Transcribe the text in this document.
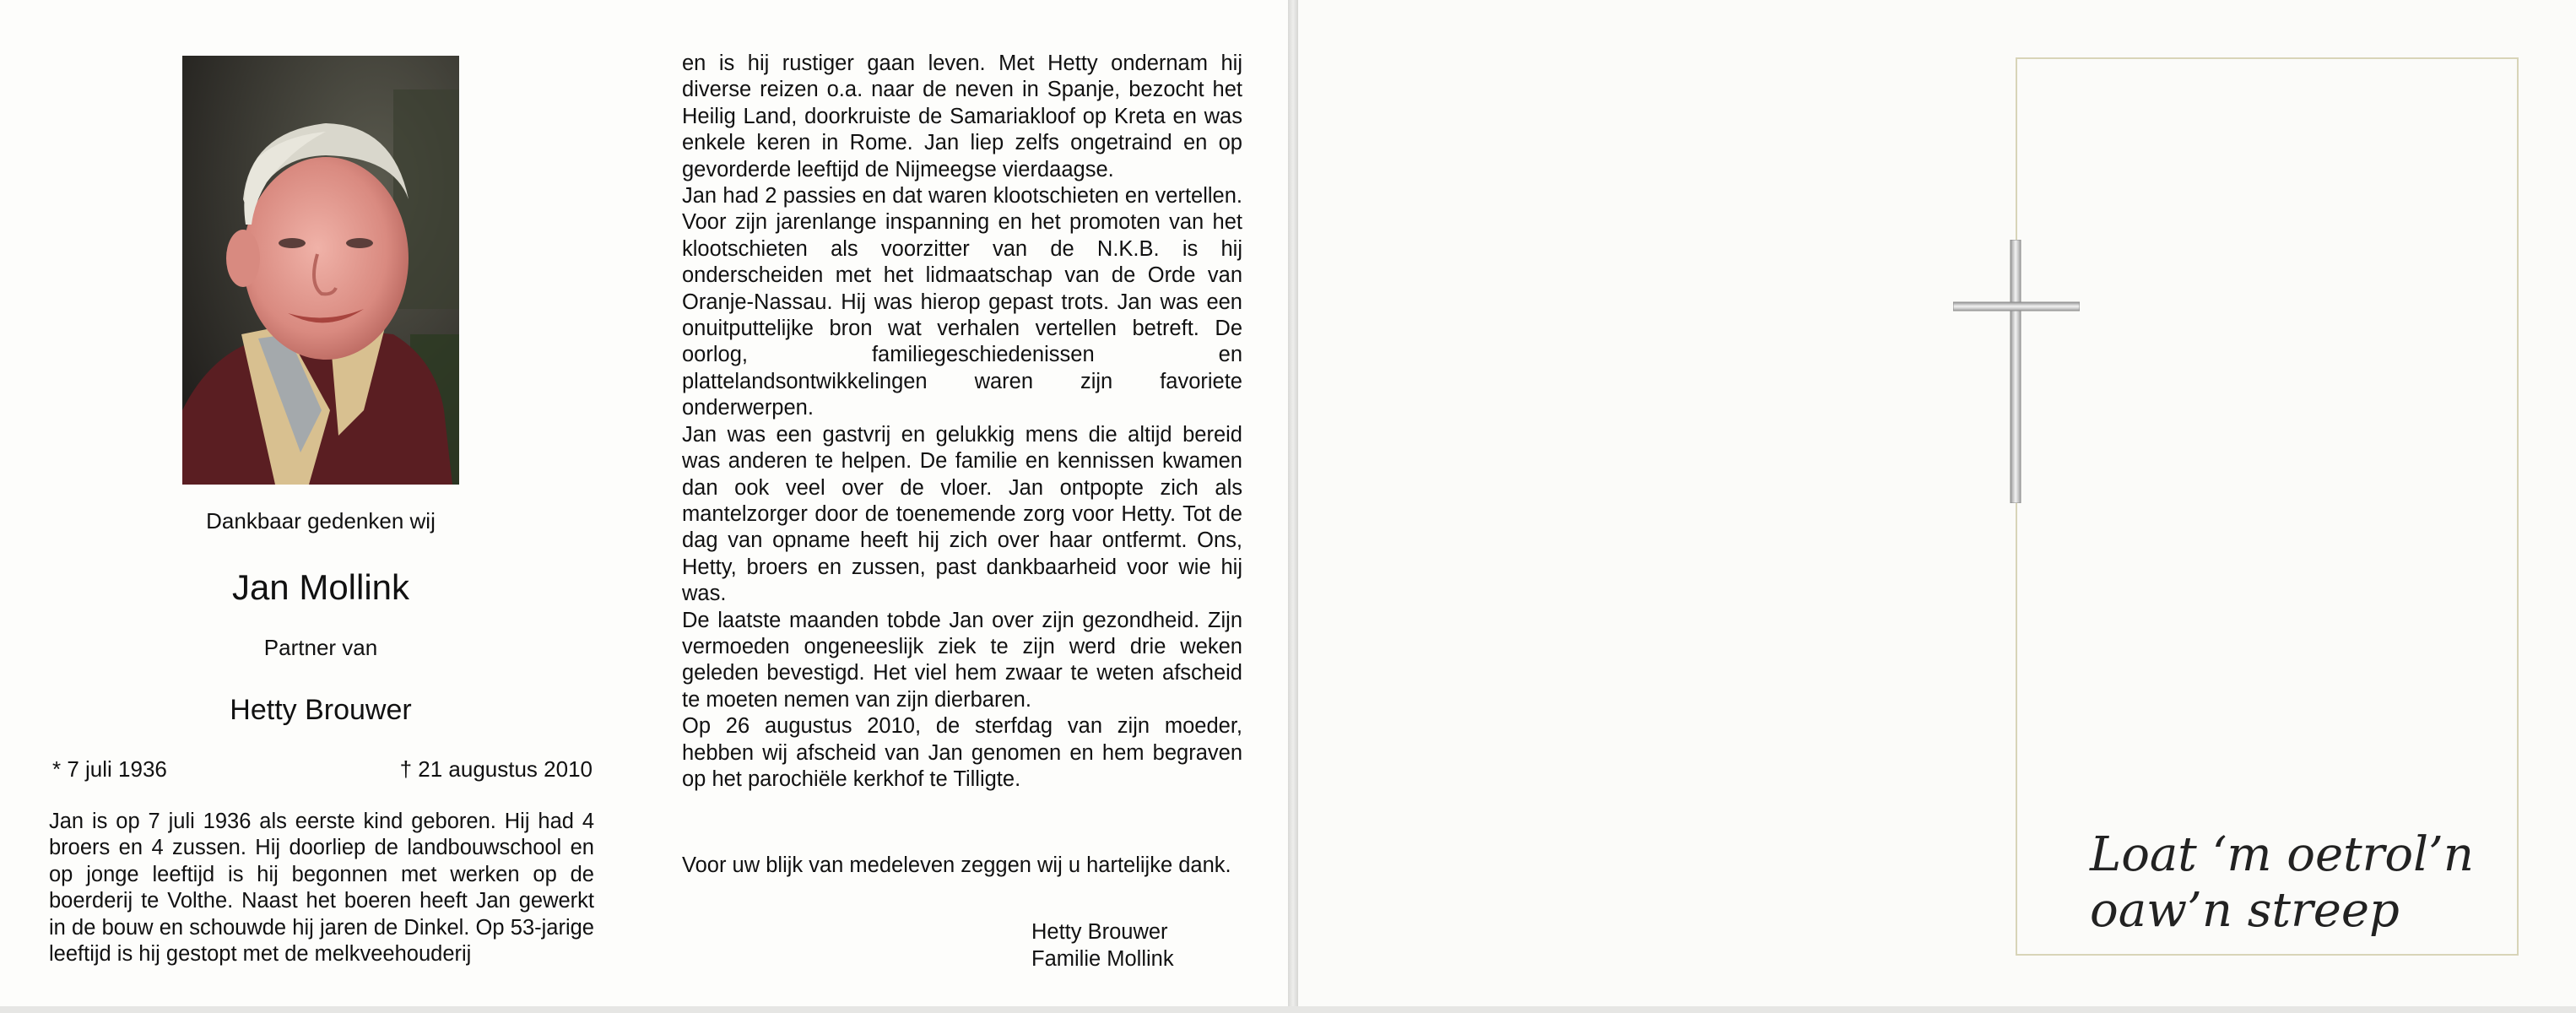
Dankbaar gedenken wij
Jan Mollink
Partner van
Hetty Brouwer
* 7 juli 1936	† 21 augustus 2010
Jan is op 7 juli 1936 als eerste kind geboren. Hij had 4 broers en 4 zussen. Hij doorliep de landbouwschool en op jonge leeftijd is hij begonnen met werken op de boerderij te Volthe. Naast het boeren heeft Jan gewerkt in de bouw en schouwde hij jaren de Dinkel. Op 53-jarige leeftijd is hij gestopt met de melkveehouderij

en is hij rustiger gaan leven. Met Hetty ondernam hij diverse reizen o.a. naar de neven in Spanje, bezocht het Heilig Land, doorkruiste de Samariakloof op Kreta en was enkele keren in Rome. Jan liep zelfs ongetraind en op gevorderde leeftijd de Nijmeegse vierdaagse.

Jan had 2 passies en dat waren klootschieten en vertellen. Voor zijn jarenlange inspanning en het promoten van het klootschieten als voorzitter van de N.K.B. is hij onderscheiden met het lidmaatschap van de Orde van Oranje-Nassau. Hij was hierop gepast trots. Jan was een onuitputtelijke bron wat verhalen vertellen betreft. De oorlog, familiegeschiedenissen en plattelandsontwikkelingen waren zijn favoriete onderwerpen.

Jan was een gastvrij en gelukkig mens die altijd bereid was anderen te helpen. De familie en kennissen kwamen dan ook veel over de vloer. Jan ontpopte zich als mantelzorger door de toenemende zorg voor Hetty. Tot de dag van opname heeft hij zich over haar ontfermt. Ons, Hetty, broers en zussen, past dankbaarheid voor wie hij was.

De laatste maanden tobde Jan over zijn gezondheid. Zijn vermoeden ongeneeslijk ziek te zijn werd drie weken geleden bevestigd. Het viel hem zwaar te weten afscheid te moeten nemen van zijn dierbaren.

Op 26 augustus 2010, de sterfdag van zijn moeder, hebben wij afscheid van Jan genomen en hem begraven op het parochiële kerkhof te Tilligte.

Voor uw blijk van medeleven zeggen wij u hartelijke dank.
Hetty Brouwer
Familie Mollink
Loat ‘m oetrol’n
oaw’n streep
